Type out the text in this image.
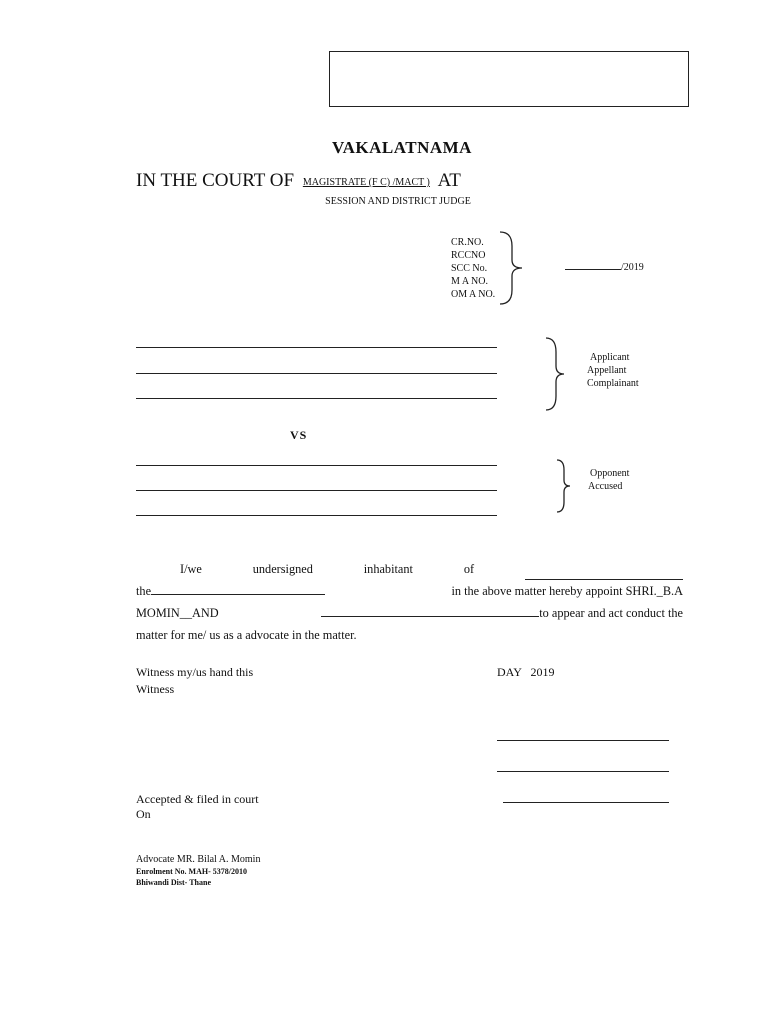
VAKALATNAMA
IN THE COURT OF MAGISTRATE (F C) /MACT ) AT
SESSION AND DISTRICT JUDGE
CR.NO.
RCCNO
SCC No.
M A NO.
OM A NO.
/2019
Applicant
Appellant
Complainant
VS
Opponent
Accused
I/we	undersigned	inhabitant	of
the	in the above matter hereby appoint SHRI._B.A
MOMIN__AND	to appear and act conduct the
matter for me/ us as a advocate in the matter.
Witness my/us hand this	DAY   2019
Witness
Accepted & filed in court
On
Advocate MR. Bilal A. Momin
Enrolment No. MAH- 5378/2010
Bhiwandi Dist- Thane
